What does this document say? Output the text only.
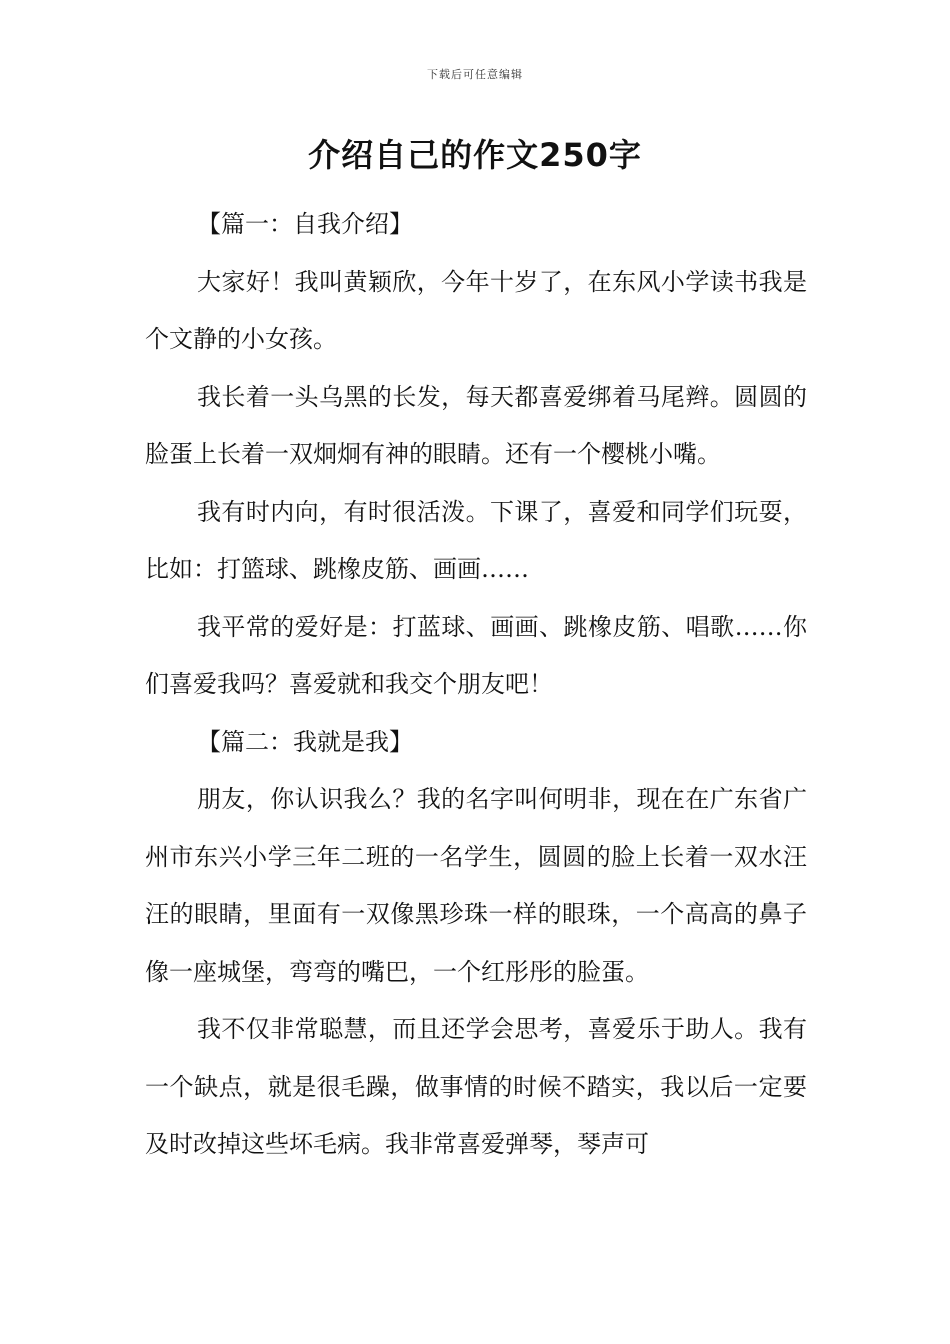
下载后可任意编辑
介绍自己的作文250字

【篇一：自我介绍】

大家好！我叫黄颖欣，今年十岁了，在东风小学读书我是个文静的小女孩。

我长着一头乌黑的长发，每天都喜爱绑着马尾辫。圆圆的脸蛋上长着一双炯炯有神的眼睛。还有一个樱桃小嘴。

我有时内向，有时很活泼。下课了，喜爱和同学们玩耍，比如：打篮球、跳橡皮筋、画画……

我平常的爱好是：打蓝球、画画、跳橡皮筋、唱歌……你们喜爱我吗？喜爱就和我交个朋友吧！

【篇二：我就是我】

朋友，你认识我么？我的名字叫何明非，现在在广东省广州市东兴小学三年二班的一名学生，圆圆的脸上长着一双水汪汪的眼睛，里面有一双像黑珍珠一样的眼珠，一个高高的鼻子像一座城堡，弯弯的嘴巴，一个红彤彤的脸蛋。

我不仅非常聪慧，而且还学会思考，喜爱乐于助人。我有一个缺点，就是很毛躁，做事情的时候不踏实，我以后一定要及时改掉这些坏毛病。我非常喜爱弹琴，琴声可
